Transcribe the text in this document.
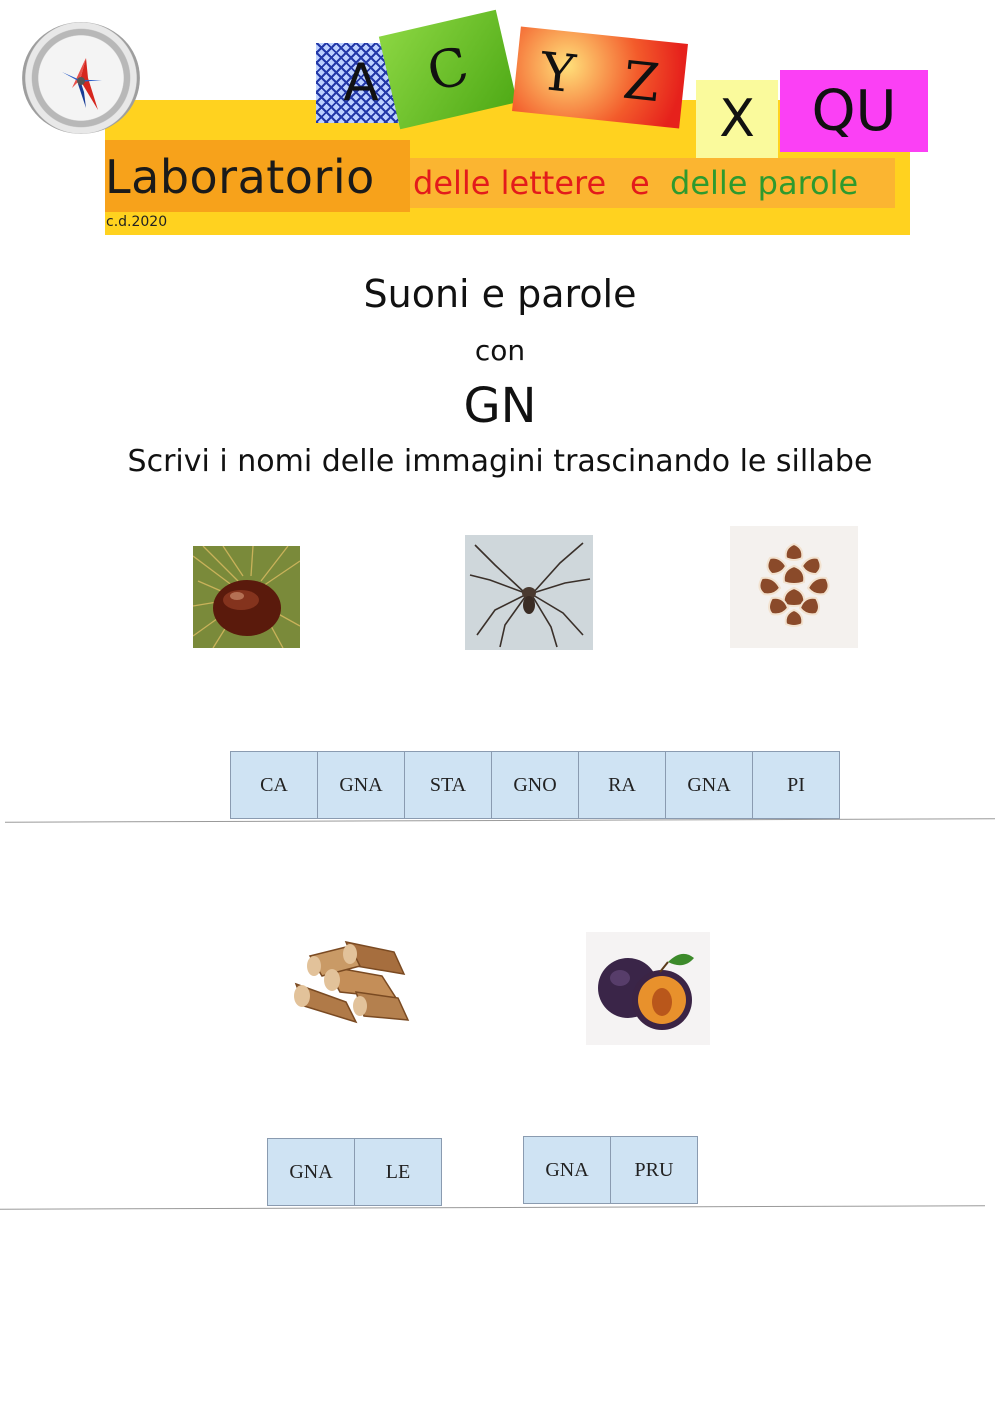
A C Y Z
X QU
Laboratorio delle lettere e delle parole
c.d.2020
Suoni e parole
con
GN
Scrivi i nomi delle immagini trascinando le sillabe
CA	GNA	STA	GNO	RA	GNA	PI
GNA	LE	GNA	PRU
